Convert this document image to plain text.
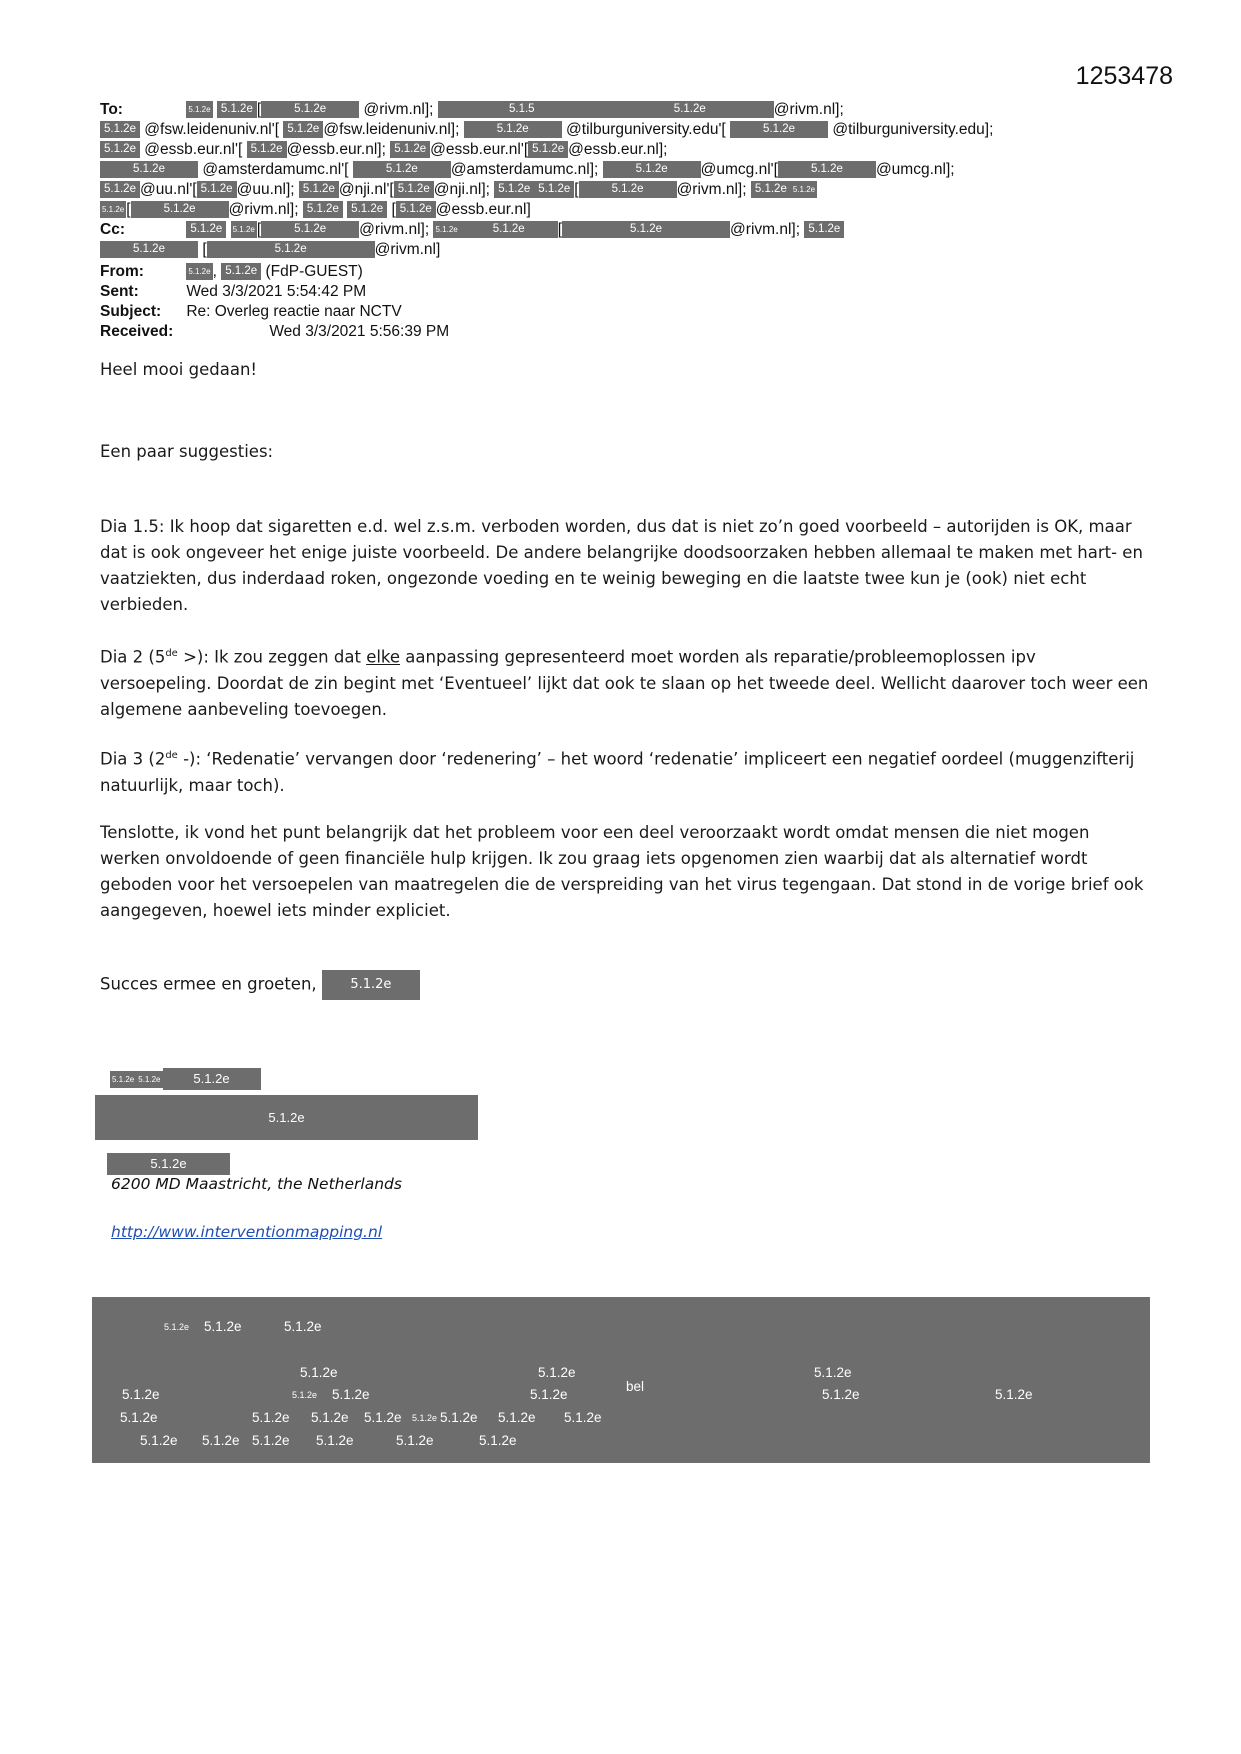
1253478
To:	5.1.2e 5.1.2e [	5.1.2e @rivm.nl];	5.1.5	5.1.2e	@rivm.nl];
5.1.2e @fsw.leidenuniv.nl'[ 5.1.2e @fsw.leidenuniv.nl];	5.1.2e @tilburguniversity.edu'[	5.1.2e @tilburguniversity.edu];
5.1.2e @essb.eur.nl'[ 5.1.2e @essb.eur.nl]; 5.1.2e @essb.eur.nl'[ 5.1.2e @essb.eur.nl];
5.1.2e @amsterdamumc.nl'[	5.1.2e @amsterdamumc.nl];	5.1.2e @umcg.nl'[	5.1.2e @umcg.nl];
5.1.2e @uu.nl'[ 5.1.2e @uu.nl]; 5.1.2e @nji.nl'[ 5.1.2e @nji.nl]; 5.1.2e 5.1.2e [	5.1.2e @rivm.nl]; 5.1.2e 5.1.2e
5.1.2e [	5.1.2e @rivm.nl]; 5.1.2e 5.1.2e [ 5.1.2e @essb.eur.nl]
Cc:	5.1.2e 5.1.2e [	5.1.2e @rivm.nl]; 5.1.2e	5.1.2e [	5.1.2e	@rivm.nl]; 5.1.2e
5.1.2e [	5.1.2e	@rivm.nl]
From:	5.1.2e , 5.1.2e (FdP-GUEST)
Sent:	Wed 3/3/2021 5:54:42 PM
Subject: Re: Overleg reactie naar NCTV
Received:	Wed 3/3/2021 5:56:39 PM

Heel mooi gedaan!

Een paar suggesties:

Dia 1.5: Ik hoop dat sigaretten e.d. wel z.s.m. verboden worden, dus dat is niet zo’n goed voorbeeld – autorijden is OK, maar dat is ook ongeveer het enige juiste voorbeeld. De andere belangrijke doodsoorzaken hebben allemaal te maken met hart- en vaatziekten, dus inderdaad roken, ongezonde voeding en te weinig beweging en die laatste twee kun je (ook) niet echt verbieden.

Dia 2 (5de >): Ik zou zeggen dat elke aanpassing gepresenteerd moet worden als reparatie/probleemoplossen ipv versoepeling. Doordat de zin begint met ‘Eventueel’ lijkt dat ook te slaan op het tweede deel. Wellicht daarover toch weer een algemene aanbeveling toevoegen.

Dia 3 (2de -): ‘Redenatie’ vervangen door ‘redenering’ – het woord ‘redenatie’ impliceert een negatief oordeel (muggenzifterij natuurlijk, maar toch).

Tenslotte, ik vond het punt belangrijk dat het probleem voor een deel veroorzaakt wordt omdat mensen die niet mogen werken onvoldoende of geen financiële hulp krijgen. Ik zou graag iets opgenomen zien waarbij dat als alternatief wordt geboden voor het versoepelen van maatregelen die de verspreiding van het virus tegengaan. Dat stond in de vorige brief ook aangegeven, hoewel iets minder expliciet.

Succes ermee en groeten,	5.1.2e

5.1.2e 5.1.2e	5.1.2e
5.1.2e
5.1.2e
6200 MD Maastricht, the Netherlands
http://www.interventionmapping.nl
5.1.2e 5.1.2e	5.1.2e
5.1.2e	5.1.2e
bel
5.1.2e
5.1.2e	5.1.2e 5.1.2e	5.1.2e	5.1.2e	5.1.2e
5.1.2e	5.1.2e 5.1.2e 5.1.2e 5.1.2e 5.1.2e 5.1.2e 5.1.2e
5.1.2e 5.1.2e 5.1.2e 5.1.2e	5.1.2e	5.1.2e
